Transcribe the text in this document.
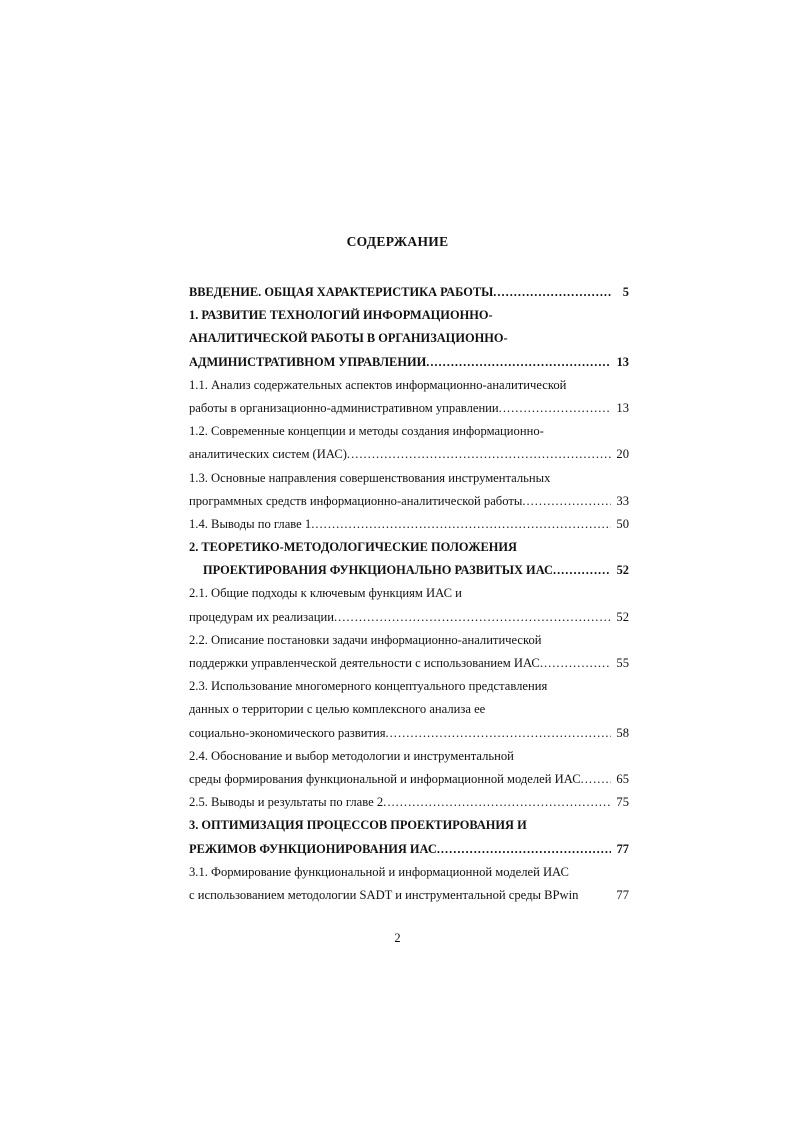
СОДЕРЖАНИЕ
ВВЕДЕНИЕ. ОБЩАЯ ХАРАКТЕРИСТИКА РАБОТЫ .....	5
1. РАЗВИТИЕ ТЕХНОЛОГИЙ ИНФОРМАЦИОННО-
АНАЛИТИЧЕСКОЙ РАБОТЫ В ОРГАНИЗАЦИОННО-
АДМИНИСТРАТИВНОМ УПРАВЛЕНИИ .....	13
1.1. Анализ содержательных аспектов информационно-аналитической
работы в организационно-административном управлении .....	13
1.2. Современные концепции и методы создания информационно-
аналитических систем (ИАС) .....	20
1.3. Основные направления совершенствования инструментальных
программных средств информационно-аналитической работы .....	33
1.4. Выводы по главе 1 .....	50
2. ТЕОРЕТИКО-МЕТОДОЛОГИЧЕСКИЕ ПОЛОЖЕНИЯ
ПРОЕКТИРОВАНИЯ ФУНКЦИОНАЛЬНО РАЗВИТЫХ ИАС .....	52
2.1. Общие подходы к ключевым функциям ИАС и
процедурам их реализации .....	52
2.2. Описание постановки задачи информационно-аналитической
поддержки управленческой деятельности с использованием ИАС .....	55
2.3. Использование многомерного концептуального представления
данных о территории с целью комплексного анализа ее
социально-экономического развития .....	58
2.4. Обоснование и выбор методологии и инструментальной
среды формирования функциональной и информационной моделей ИАС .....	65
2.5. Выводы и результаты по главе 2 .....	75
3. ОПТИМИЗАЦИЯ ПРОЦЕССОВ ПРОЕКТИРОВАНИЯ И
РЕЖИМОВ ФУНКЦИОНИРОВАНИЯ ИАС .....	77
3.1. Формирование функциональной и информационной моделей ИАС
с использованием методологии SADT и инструментальной среды BPwin	77
2
